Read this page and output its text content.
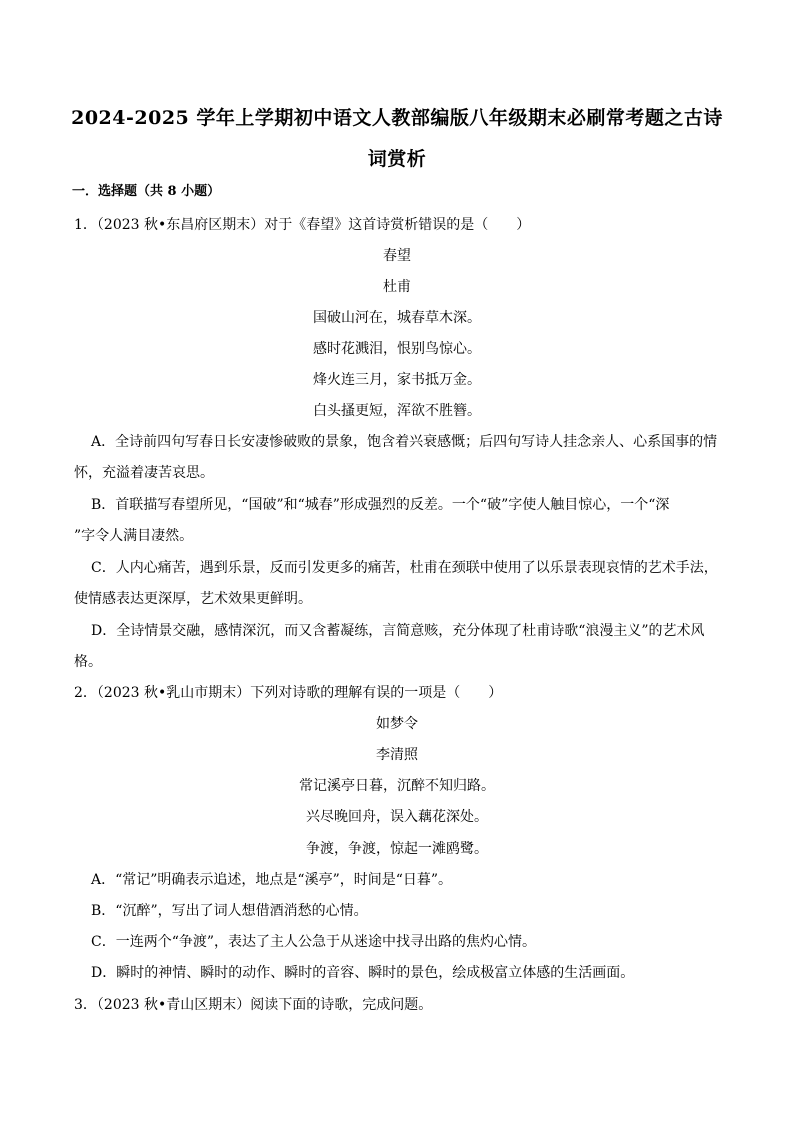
2024-2025 学年上学期初中语文人教部编版八年级期末必刷常考题之古诗
词赏析
一．选择题（共 8 小题）
1．（2023 秋•东昌府区期末）对于《春望》这首诗赏析错误的是（　　）
春望
杜甫
国破山河在，城春草木深。
感时花溅泪，恨别鸟惊心。
烽火连三月，家书抵万金。
白头搔更短，浑欲不胜簪。
A．全诗前四句写春日长安凄惨破败的景象，饱含着兴衰感慨；后四句写诗人挂念亲人、心系国事的情
怀，充溢着凄苦哀思。
B．首联描写春望所见，“国破”和“城春”形成强烈的反差。一个“破”字使人触目惊心，一个“深
”字令人满目凄然。
C．人内心痛苦，遇到乐景，反而引发更多的痛苦，杜甫在颈联中使用了以乐景表现哀情的艺术手法，
使情感表达更深厚，艺术效果更鲜明。
D．全诗情景交融，感情深沉，而又含蓄凝练，言简意赅，充分体现了杜甫诗歌“浪漫主义”的艺术风
格。
2．（2023 秋•乳山市期末）下列对诗歌的理解有误的一项是（　　）
如梦令
李清照
常记溪亭日暮，沉醉不知归路。
兴尽晚回舟，误入藕花深处。
争渡，争渡，惊起一滩鸥鹭。
A．“常记”明确表示追述，地点是“溪亭”，时间是“日暮”。
B．“沉醉”，写出了词人想借酒消愁的心情。
C．一连两个“争渡”，表达了主人公急于从迷途中找寻出路的焦灼心情。
D．瞬时的神情、瞬时的动作、瞬时的音容、瞬时的景色，绘成极富立体感的生活画面。
3．（2023 秋•青山区期末）阅读下面的诗歌，完成问题。
